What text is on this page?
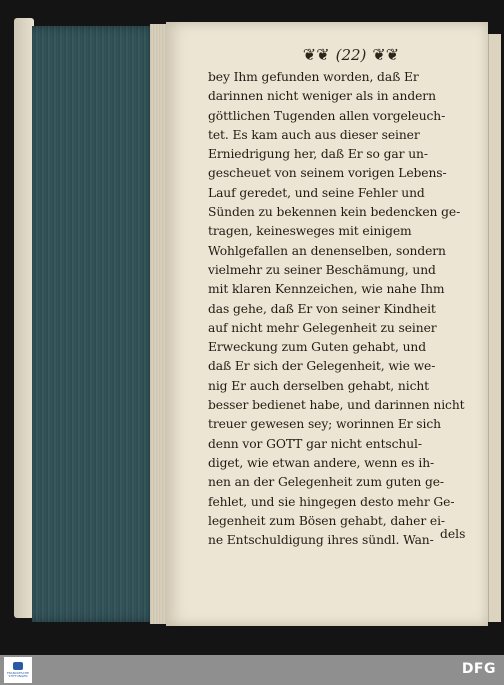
❦❦ (22) ❦❦
bey Ihm gefunden worden, daß Er
darinnen nicht weniger als in andern
göttlichen Tugenden allen vorgeleuch-
tet. Es kam auch aus dieser seiner
Erniedrigung her, daß Er so gar un-
gescheuet von seinem vorigen Lebens-
Lauf geredet, und seine Fehler und
Sünden zu bekennen kein bedencken ge-
tragen, keinesweges mit einigem
Wohlgefallen an denenselben, sondern
vielmehr zu seiner Beschämung, und
mit klaren Kennzeichen, wie nahe Ihm
das gehe, daß Er von seiner Kindheit
auf nicht mehr Gelegenheit zu seiner
Erweckung zum Guten gehabt, und
daß Er sich der Gelegenheit, wie we-
nig Er auch derselben gehabt, nicht
besser bedienet habe, und darinnen nicht
treuer gewesen sey; worinnen Er sich
denn vor GOTT gar nicht entschul-
diget, wie etwan andere, wenn es ih-
nen an der Gelegenheit zum guten ge-
fehlet, und sie hingegen desto mehr Ge-
legenheit zum Bösen gehabt, daher ei-
ne Entschuldigung ihres sündl. Wan- dels
FRANCKESCHE STIFTUNGEN	DFG
